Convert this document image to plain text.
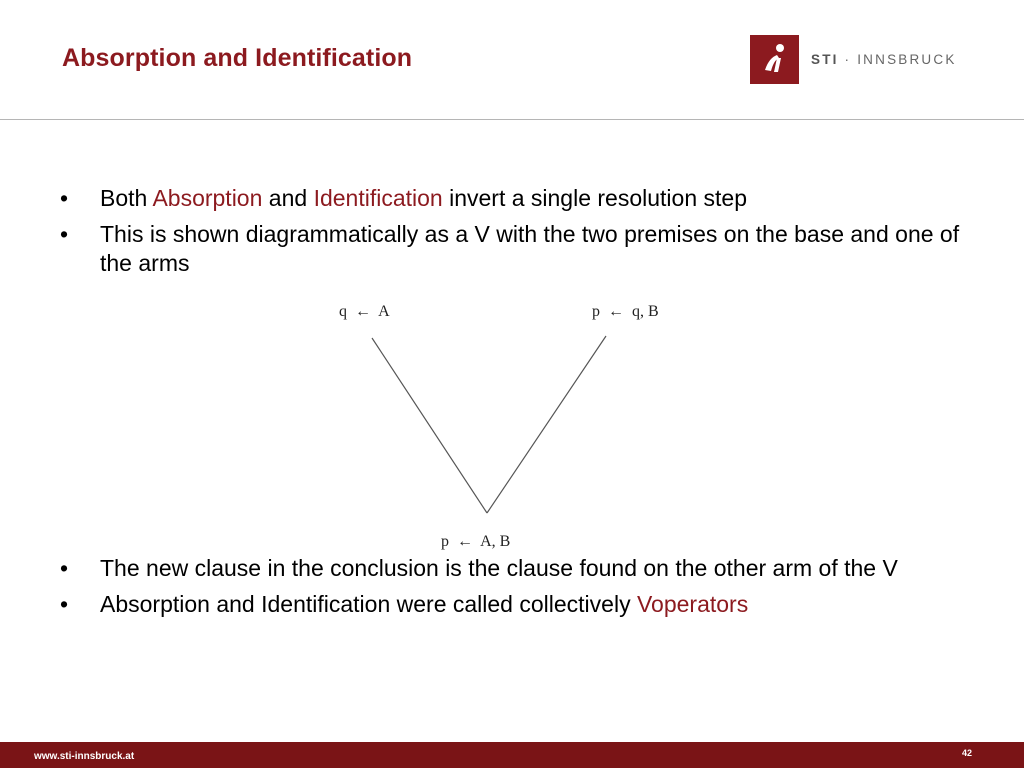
Absorption and Identification	STI · INNSBRUCK
• Both Absorption and Identification invert a single resolution step
• This is shown diagrammatically as a V with the two premises on the base and one of the arms
q ← A	p ← q, B
p ← A, B
• The new clause in the conclusion is the clause found on the other arm of the V
• Absorption and Identification were called collectively Voperators
www.sti-innsbruck.at	42
